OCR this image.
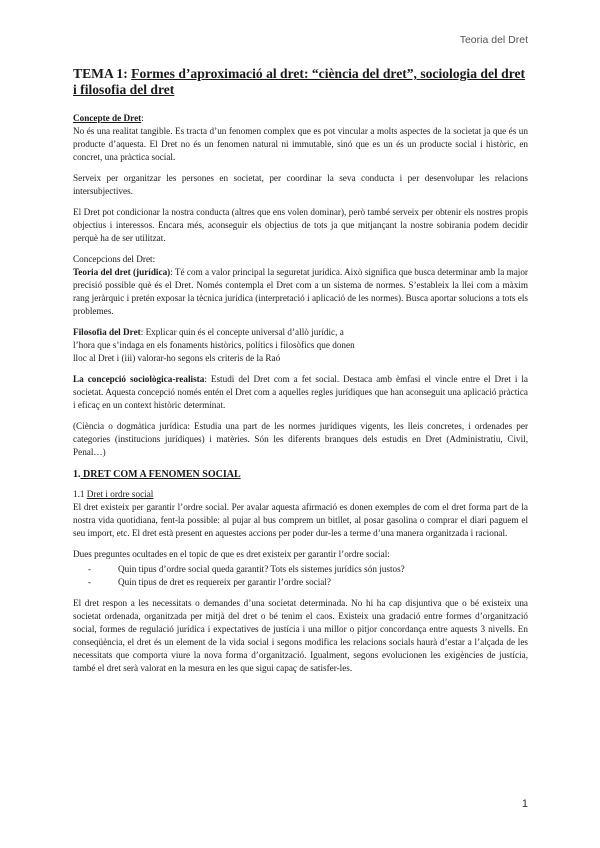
Teoria del Dret
TEMA 1: Formes d’aproximació al dret: “ciència del dret”, sociologia del dret i filosofia del dret

Concepte de Dret:

No és una realitat tangible. Es tracta d’un fenomen complex que es pot vincular a molts aspectes de la societat ja que és un producte d’aquesta. El Dret no és un fenomen natural ni immutable, sinó que es un és un producte social i històric, en concret, una pràctica social.

Serveix per organitzar les persones en societat, per coordinar la seva conducta i per desenvolupar les relacions intersubjectives.

El Dret pot condicionar la nostra conducta (altres que ens volen dominar), però també serveix per obtenir els nostres propis objectius i interessos. Encara més, aconseguir els objectius de tots ja que mitjançant la nostre sobirania podem decidir perquè ha de ser utilitzat.

Concepcions del Dret:

Teoria del dret (jurídica): Té com a valor principal la seguretat jurídica. Això significa que busca determinar amb la major precisió possible què és el Dret. Només contempla el Dret com a un sistema de normes. S’estableix la llei com a màxim rang jeràrquic i pretén exposar la tècnica jurídica (interpretació i aplicació de les normes). Busca aportar solucions a tots els problemes.

Filosofia del Dret: Explicar quin és el concepte universal d’allò jurídic, a

l’hora que s’indaga en els fonaments històrics, polítics i filosòfics que donen

lloc al Dret i (iii) valorar-ho segons els criteris de la Raó

La concepció sociològica-realista: Estudi del Dret com a fet social. Destaca amb èmfasi el vincle entre el Dret i la societat. Aquesta concepció només entén el Dret com a aquelles regles jurídiques que han aconseguit una aplicació pràctica i eficaç en un context històric determinat.

(Ciència o dogmàtica jurídica: Estudia una part de les normes jurídiques vigents, les lleis concretes, i ordenades per categories (institucions jurídiques) i matèries. Són les diferents branques dels estudis en Dret (Administratiu, Civil, Penal…)

1. DRET COM A FENOMEN SOCIAL

1.1 Dret i ordre social

El dret existeix per garantir l’ordre social. Per avalar aquesta afirmació es donen exemples de com el dret forma part de la nostra vida quotidiana, fent-la possible: al pujar al bus comprem un bitllet, al posar gasolina o comprar el diari paguem el seu import, etc. El dret està present en aquestes accions per poder dur-les a terme d’una manera organitzada i racional.

Dues preguntes ocultades en el topic de que es dret existeix per garantir l’ordre social:

- Quin tipus d’ordre social queda garantit? Tots els sistemes jurídics són justos?
- Quin tipus de dret es requereix per garantir l’ordre social?

El dret respon a les necessitats o demandes d’una societat determinada. No hi ha cap disjuntiva que o bé existeix una societat ordenada, organitzada per mitjà del dret o bé tenim el caos. Existeix una gradació entre formes d’organització social, formes de regulació jurídica i expectatives de justícia i una millor o pitjor concordança entre aquests 3 nivells. En conseqüència, el dret és un element de la vida social i segons modifica les relacions socials haurà d’estar a l’alçada de les necessitats que comporta viure la nova forma d’organització. Igualment, segons evolucionen les exigències de justícia, també el dret serà valorat en la mesura en les que sigui capaç de satisfer-les.

1
